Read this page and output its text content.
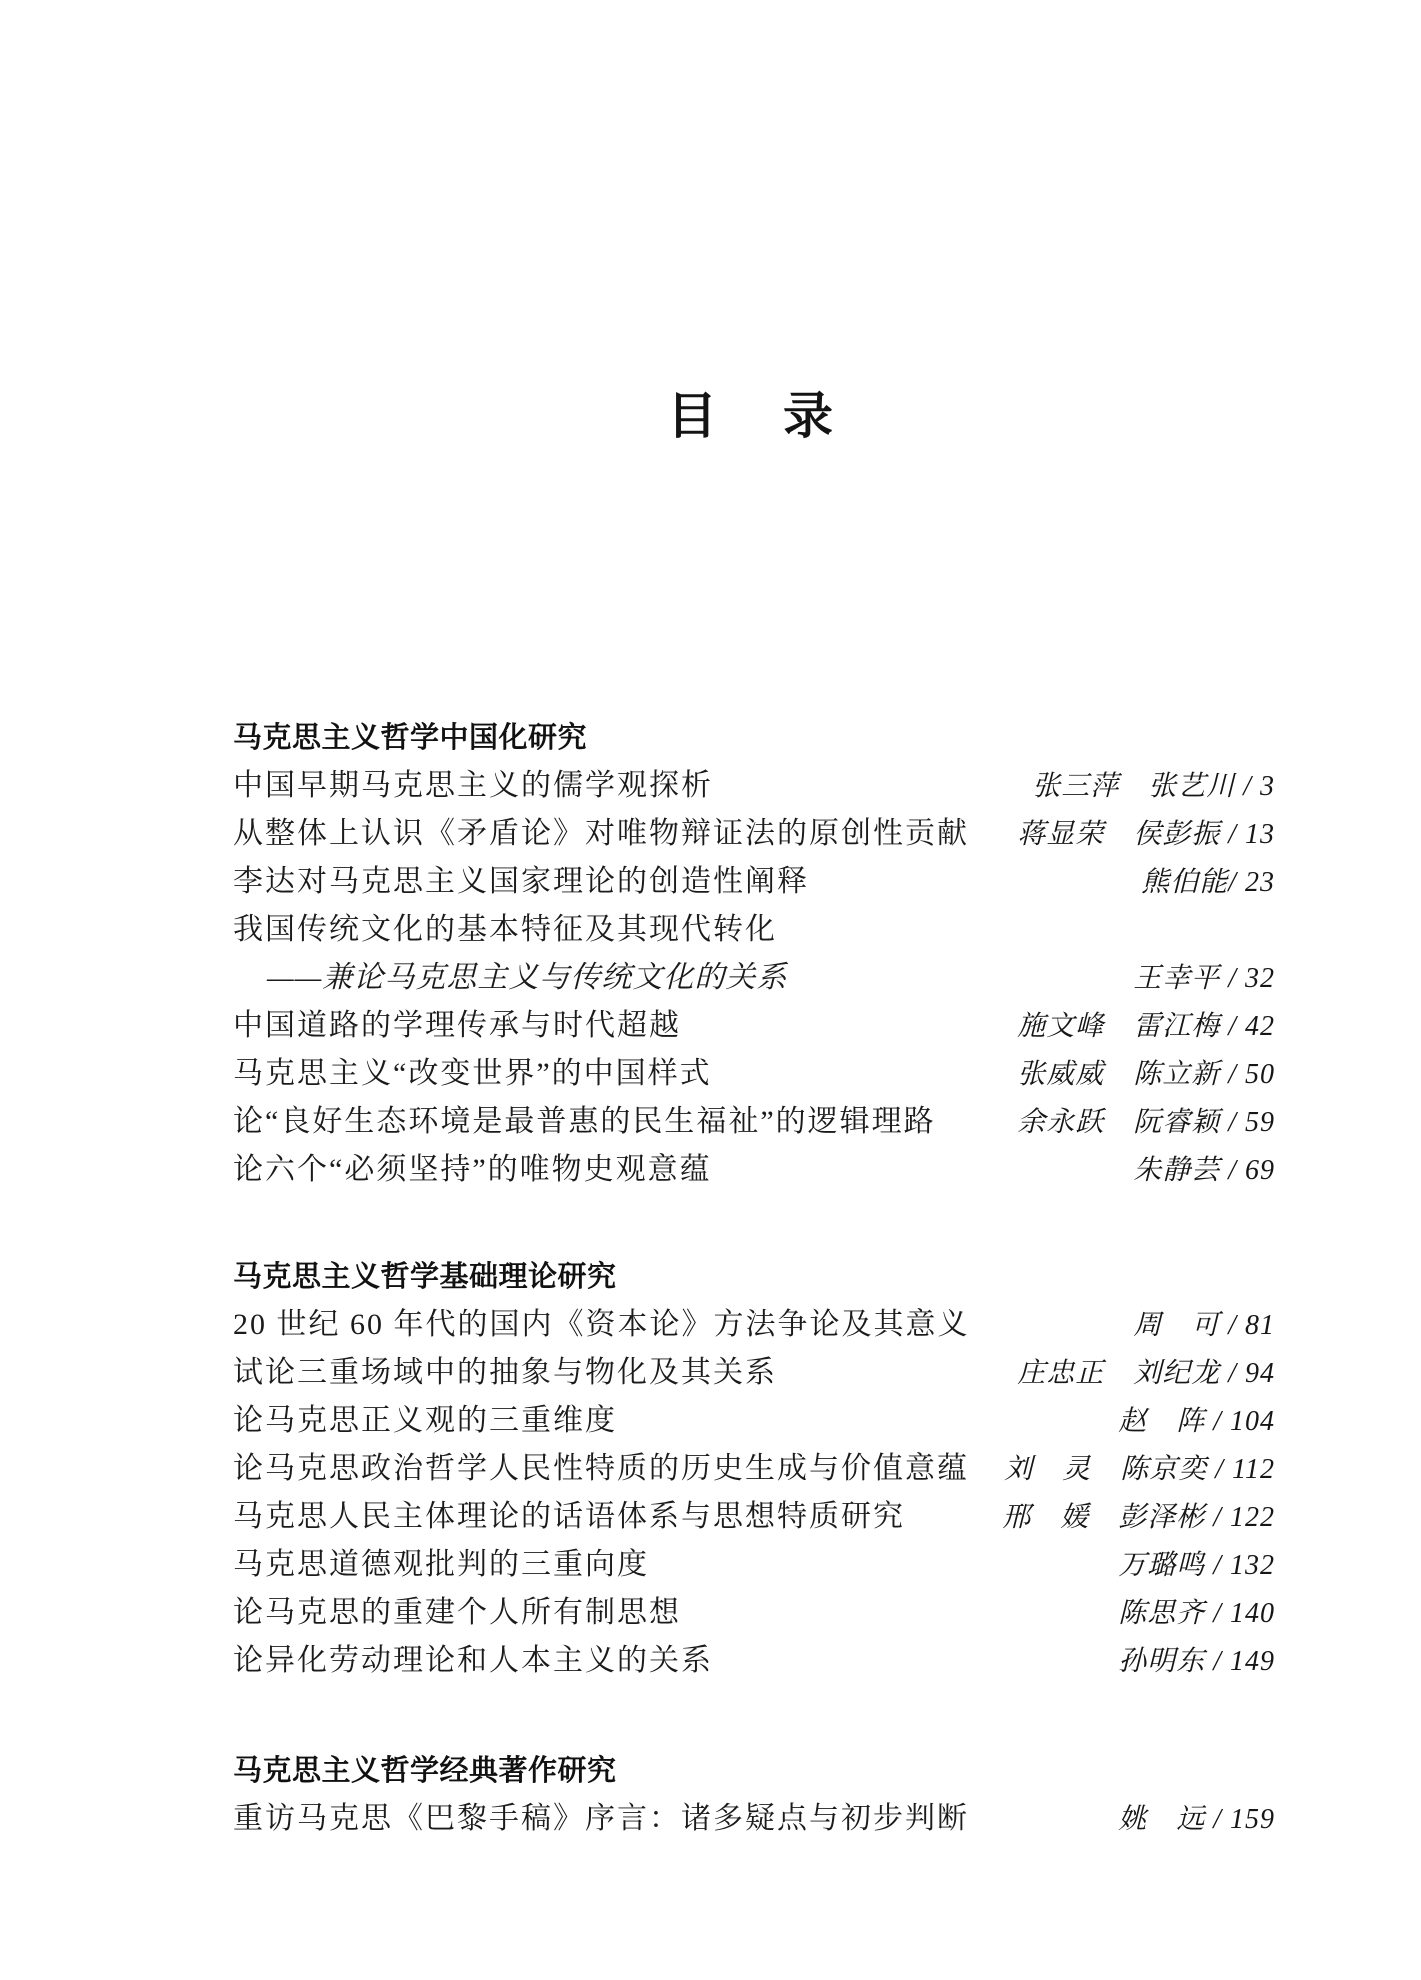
目　录
马克思主义哲学中国化研究
中国早期马克思主义的儒学观探析	张三萍　张艺川 / 3
从整体上认识《矛盾论》对唯物辩证法的原创性贡献	蒋显荣　侯彭振 / 13
李达对马克思主义国家理论的创造性阐释	熊伯能/ 23
我国传统文化的基本特征及其现代转化
——兼论马克思主义与传统文化的关系	王幸平 / 32
中国道路的学理传承与时代超越	施文峰　雷江梅 / 42
马克思主义“改变世界”的中国样式	张威威　陈立新 / 50
论“良好生态环境是最普惠的民生福祉”的逻辑理路	余永跃　阮睿颖 / 59
论六个“必须坚持”的唯物史观意蕴	朱静芸 / 69
马克思主义哲学基础理论研究
20 世纪 60 年代的国内《资本论》方法争论及其意义	周　可 / 81
试论三重场域中的抽象与物化及其关系	庄忠正　刘纪龙 / 94
论马克思正义观的三重维度	赵　阵 / 104
论马克思政治哲学人民性特质的历史生成与价值意蕴	刘　灵　陈京奕 / 112
马克思人民主体理论的话语体系与思想特质研究	邢　媛　彭泽彬 / 122
马克思道德观批判的三重向度	万璐鸣 / 132
论马克思的重建个人所有制思想	陈思齐 / 140
论异化劳动理论和人本主义的关系	孙明东 / 149
马克思主义哲学经典著作研究
重访马克思《巴黎手稿》序言：诸多疑点与初步判断	姚　远 / 159
